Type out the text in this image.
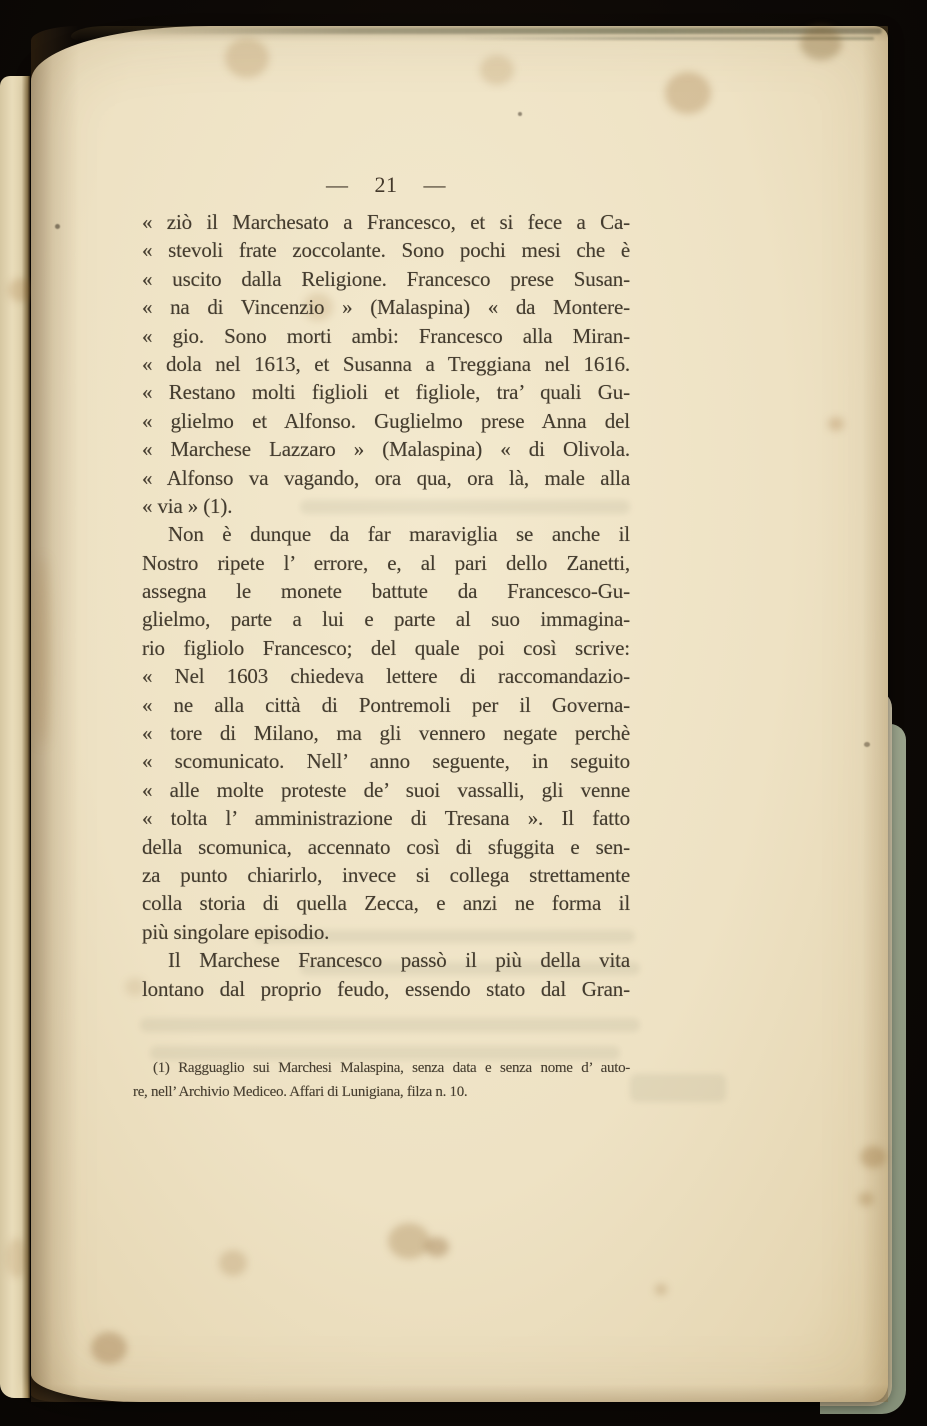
— 21 —
« ziò il Marchesato a Francesco, et si fece a Ca-
« stevoli frate zoccolante. Sono pochi mesi che è
« uscito dalla Religione. Francesco prese Susan-
« na di Vincenzio » (Malaspina) « da Montere-
« gio. Sono morti ambi: Francesco alla Miran-
« dola nel 1613, et Susanna a Treggiana nel 1616.
« Restano molti figlioli et figliole, tra’ quali Gu-
« glielmo et Alfonso. Guglielmo prese Anna del
« Marchese Lazzaro » (Malaspina) « di Olivola.
« Alfonso va vagando, ora qua, ora là, male alla
« via » (1).
Non è dunque da far maraviglia se anche il
Nostro ripete l’ errore, e, al pari dello Zanetti,
assegna le monete battute da Francesco-Gu-
glielmo, parte a lui e parte al suo immagina-
rio figliolo Francesco; del quale poi così scrive:
« Nel 1603 chiedeva lettere di raccomandazio-
« ne alla città di Pontremoli per il Governa-
« tore di Milano, ma gli vennero negate perchè
« scomunicato. Nell’ anno seguente, in seguito
« alle molte proteste de’ suoi vassalli, gli venne
« tolta l’ amministrazione di Tresana ». Il fatto
della scomunica, accennato così di sfuggita e sen-
za punto chiarirlo, invece si collega strettamente
colla storia di quella Zecca, e anzi ne forma il
più singolare episodio.
Il Marchese Francesco passò il più della vita
lontano dal proprio feudo, essendo stato dal Gran-
(1) Ragguaglio sui Marchesi Malaspina, senza data e senza nome d’ auto-
re, nell’ Archivio Mediceo. Affari di Lunigiana, filza n. 10.
